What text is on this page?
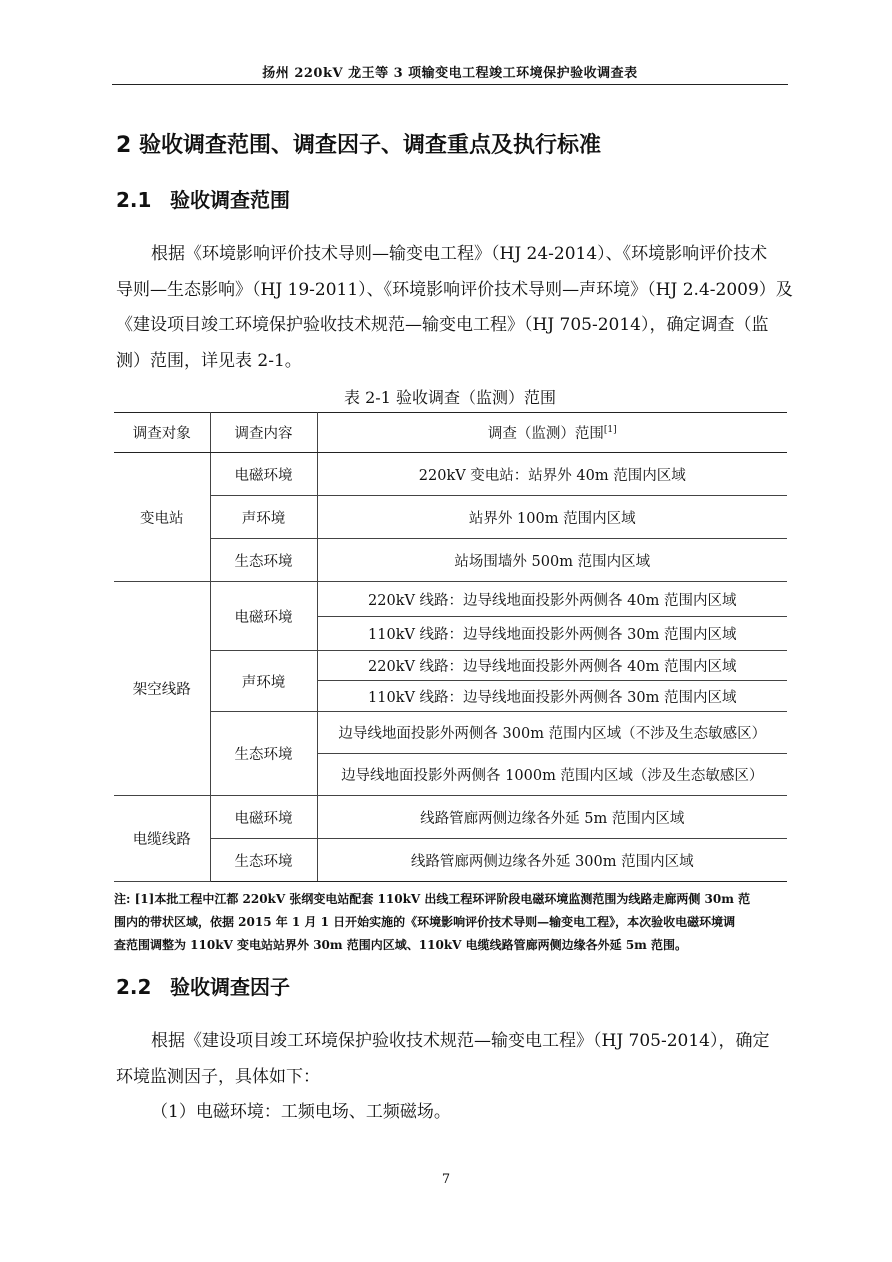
扬州 220kV 龙王等 3 项输变电工程竣工环境保护验收调查表
2 验收调查范围、调查因子、调查重点及执行标准
2.1 验收调查范围
根据《环境影响评价技术导则—输变电工程》（HJ 24-2014）、《环境影响评价技术
导则—生态影响》（HJ 19-2011）、《环境影响评价技术导则—声环境》（HJ 2.4-2009）及
《建设项目竣工环境保护验收技术规范—输变电工程》（HJ 705-2014），确定调查（监
测）范围，详见表 2-1。
表 2-1 验收调查（监测）范围
调查对象	调查内容	调查（监测）范围[1]
变电站	电磁环境	220kV 变电站：站界外 40m 范围内区域
	声环境	站界外 100m 范围内区域
	生态环境	站场围墙外 500m 范围内区域
架空线路	电磁环境	220kV 线路：边导线地面投影外两侧各 40m 范围内区域
		110kV 线路：边导线地面投影外两侧各 30m 范围内区域
	声环境	220kV 线路：边导线地面投影外两侧各 40m 范围内区域
		110kV 线路：边导线地面投影外两侧各 30m 范围内区域
	生态环境	边导线地面投影外两侧各 300m 范围内区域（不涉及生态敏感区）
		边导线地面投影外两侧各 1000m 范围内区域（涉及生态敏感区）
电缆线路	电磁环境	线路管廊两侧边缘各外延 5m 范围内区域
	生态环境	线路管廊两侧边缘各外延 300m 范围内区域
注: [1]本批工程中江都 220kV 张纲变电站配套 110kV 出线工程环评阶段电磁环境监测范围为线路走廊两侧 30m 范
围内的带状区域，依据 2015 年 1 月 1 日开始实施的《环境影响评价技术导则—输变电工程》，本次验收电磁环境调
查范围调整为 110kV 变电站站界外 30m 范围内区域、110kV 电缆线路管廊两侧边缘各外延 5m 范围。
2.2 验收调查因子
根据《建设项目竣工环境保护验收技术规范—输变电工程》（HJ 705-2014），确定
环境监测因子，具体如下：
（1）电磁环境：工频电场、工频磁场。
7
